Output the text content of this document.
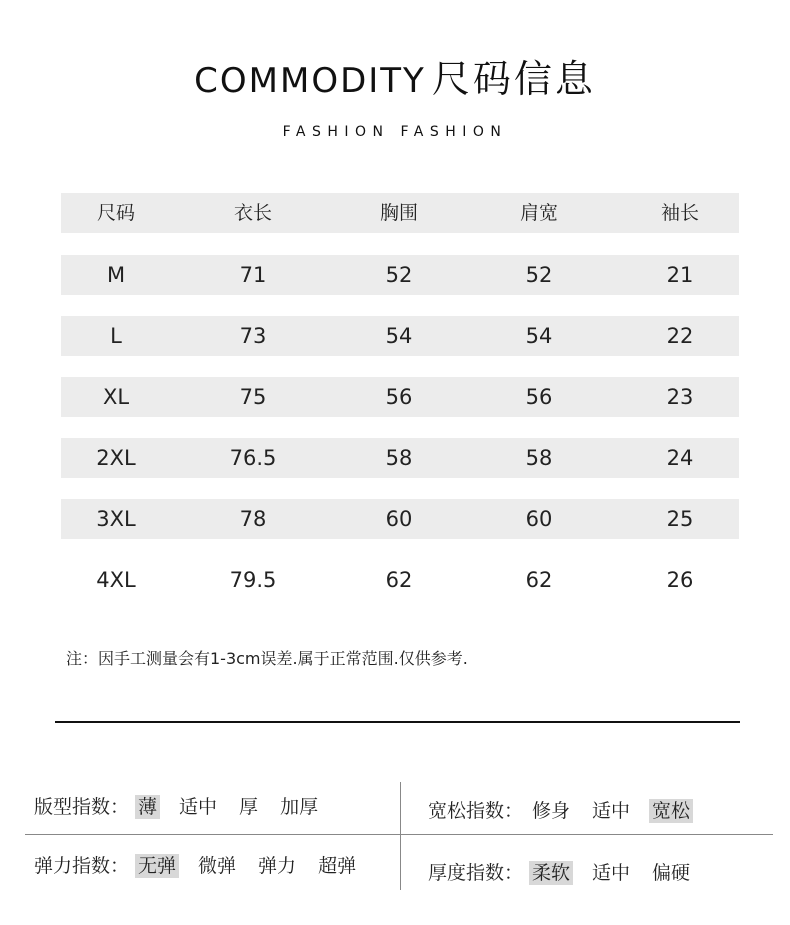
COMMODITY 尺码信息
FASHION FASHION
尺码	衣长	胸围	肩宽	袖长
M	71	52	52	21
L	73	54	54	22
XL	75	56	56	23
2XL	76.5	58	58	24
3XL	78	60	60	25
4XL	79.5	62	62	26
注：因手工测量会有1-3cm误差.属于正常范围.仅供参考.
版型指数： 薄 适中 厚 加厚	宽松指数： 修身 适中 宽松
弹力指数： 无弹 微弹 弹力 超弹	厚度指数： 柔软 适中 偏硬
